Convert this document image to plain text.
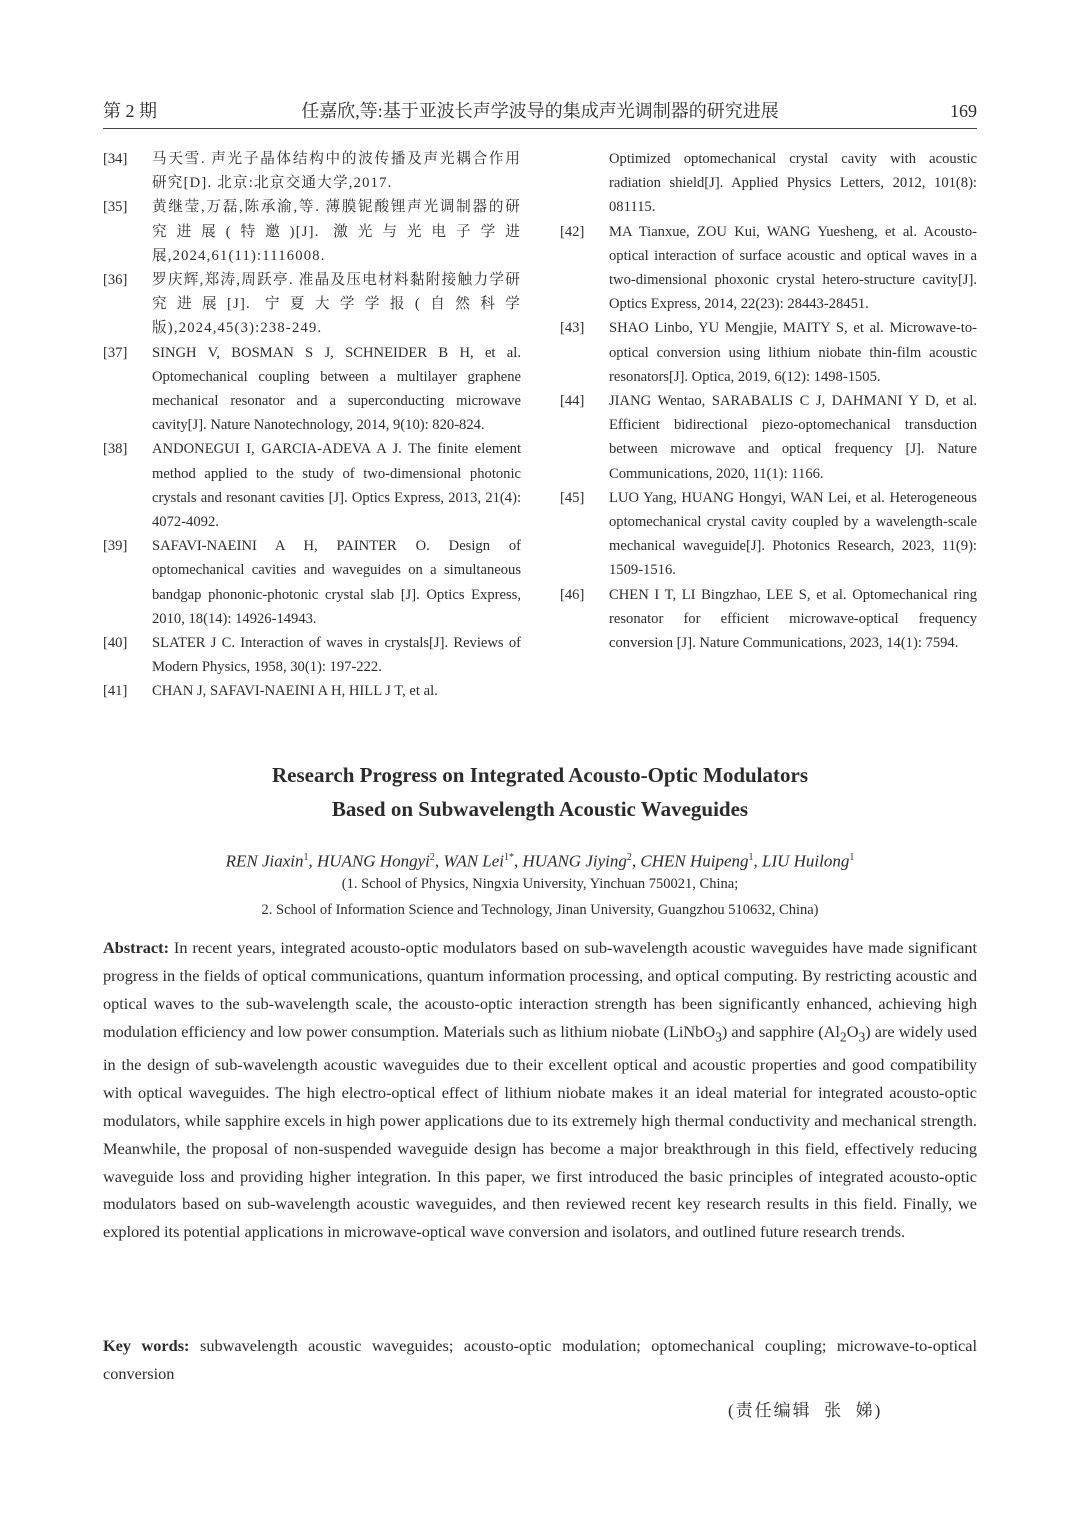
第 2 期	任嘉欣,等:基于亚波长声学波导的集成声光调制器的研究进展	169
[34] 马天雪. 声光子晶体结构中的波传播及声光耦合作用研究[D]. 北京:北京交通大学,2017.
[35] 黄继莹,万磊,陈承渝,等. 薄膜铌酸锂声光调制器的研究进展(特邀)[J]. 激光与光电子学进展,2024,61(11):1116008.
[36] 罗庆辉,郑涛,周跃亭. 准晶及压电材料黏附接触力学研究进展[J]. 宁夏大学学报(自然科学版),2024,45(3):238-249.
[37] SINGH V, BOSMAN S J, SCHNEIDER B H, et al. Optomechanical coupling between a multilayer graphene mechanical resonator and a superconducting microwave cavity[J]. Nature Nanotechnology, 2014, 9(10): 820-824.
[38] ANDONEGUI I, GARCIA-ADEVA A J. The finite element method applied to the study of two-dimensional photonic crystals and resonant cavities [J]. Optics Express, 2013, 21(4): 4072-4092.
[39] SAFAVI-NAEINI A H, PAINTER O. Design of optomechanical cavities and waveguides on a simultaneous bandgap phononic-photonic crystal slab [J]. Optics Express, 2010, 18(14): 14926-14943.
[40] SLATER J C. Interaction of waves in crystals[J]. Reviews of Modern Physics, 1958, 30(1): 197-222.
[41] CHAN J, SAFAVI-NAEINI A H, HILL J T, et al.
Optimized optomechanical crystal cavity with acoustic radiation shield[J]. Applied Physics Letters, 2012, 101(8): 081115.
[42] MA Tianxue, ZOU Kui, WANG Yuesheng, et al. Acousto-optical interaction of surface acoustic and optical waves in a two-dimensional phoxonic crystal hetero-structure cavity[J]. Optics Express, 2014, 22(23): 28443-28451.
[43] SHAO Linbo, YU Mengjie, MAITY S, et al. Microwave-to-optical conversion using lithium niobate thin-film acoustic resonators[J]. Optica, 2019, 6(12): 1498-1505.
[44] JIANG Wentao, SARABALIS C J, DAHMANI Y D, et al. Efficient bidirectional piezo-optomechanical transduction between microwave and optical frequency [J]. Nature Communications, 2020, 11(1): 1166.
[45] LUO Yang, HUANG Hongyi, WAN Lei, et al. Heterogeneous optomechanical crystal cavity coupled by a wavelength-scale mechanical waveguide[J]. Photonics Research, 2023, 11(9): 1509-1516.
[46] CHEN I T, LI Bingzhao, LEE S, et al. Optomechanical ring resonator for efficient microwave-optical frequency conversion [J]. Nature Communications, 2023, 14(1): 7594.
Research Progress on Integrated Acousto-Optic Modulators
Based on Subwavelength Acoustic Waveguides
REN Jiaxin$^1$, HUANG Hongyi$^2$, WAN Lei$^{1*}$, HUANG Jiying$^2$, CHEN Huipeng$^1$, LIU Huilong$^1$
(1. School of Physics, Ningxia University, Yinchuan 750021, China;
2. School of Information Science and Technology, Jinan University, Guangzhou 510632, China)
Abstract: In recent years, integrated acousto-optic modulators based on sub-wavelength acoustic waveguides have made significant progress in the fields of optical communications, quantum information processing, and optical computing. By restricting acoustic and optical waves to the sub-wavelength scale, the acousto-optic interaction strength has been significantly enhanced, achieving high modulation efficiency and low power consumption. Materials such as lithium niobate (LiNbO$_3$) and sapphire $(Al_2O_3)$ are widely used in the design of sub-wavelength acoustic waveguides due to their excellent optical and acoustic properties and good compatibility with optical waveguides. The high electro-optical effect of lithium niobate makes it an ideal material for integrated acousto-optic modulators, while sapphire excels in high power applications due to its extremely high thermal conductivity and mechanical strength. Meanwhile, the proposal of non-suspended waveguide design has become a major breakthrough in this field, effectively reducing waveguide loss and providing higher integration. In this paper, we first introduced the basic principles of integrated acousto-optic modulators based on sub-wavelength acoustic waveguides, and then reviewed recent key research results in this field. Finally, we explored its potential applications in microwave-optical wave conversion and isolators, and outlined future research trends.
Key words: subwavelength acoustic waveguides; acousto-optic modulation; optomechanical coupling; microwave-to-optical conversion
(责任编辑  张  娣)
